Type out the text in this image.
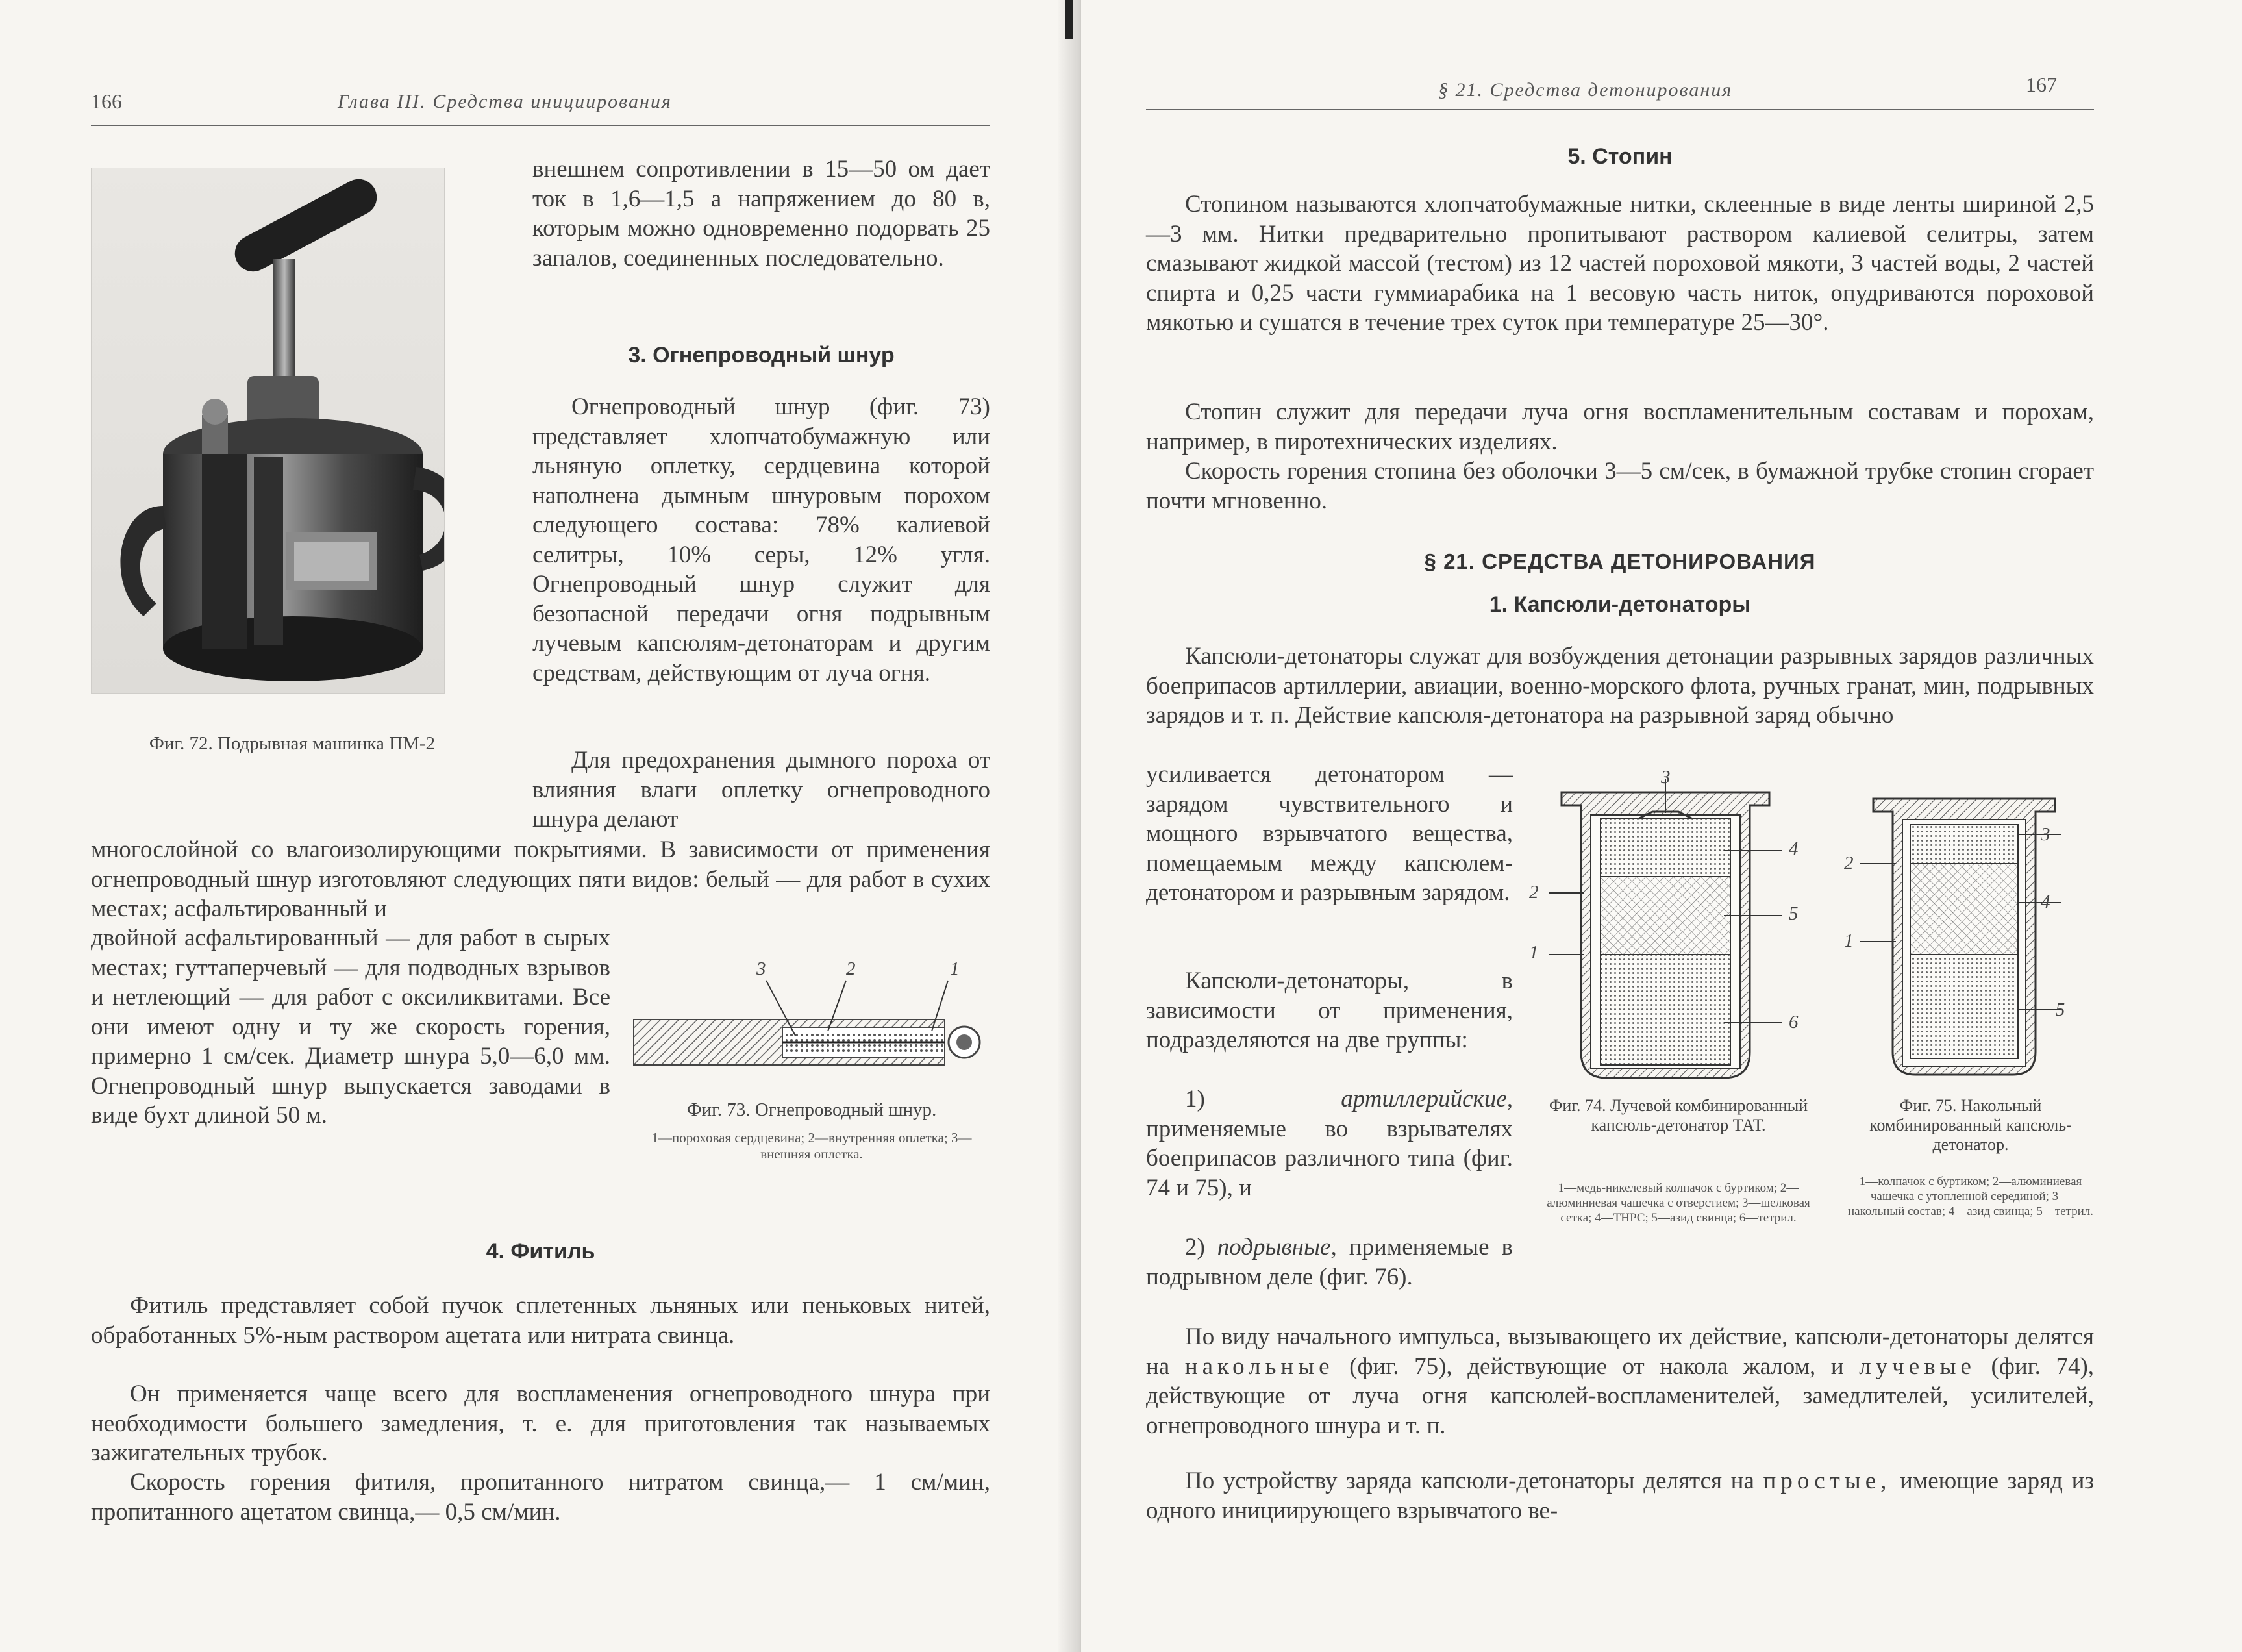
166	Глава III. Средства инициирования
Фиг. 72. Подрывная машинка ПМ-2
внешнем сопротивлении в 15—50 ом дает ток в 1,6—1,5 а напряжением до 80 в, которым можно одновременно подорвать 25 запалов, соединенных последовательно.
3. Огнепроводный шнур
Огнепроводный шнур (фиг. 73) представляет хлопчатобумажную или льняную оплетку, сердцевина которой наполнена дымным шнуровым порохом следующего состава: 78% калиевой селитры, 10% серы, 12% угля. Огнепроводный шнур служит для безопасной передачи огня подрывным лучевым капсюлям-детонаторам и другим средствам, действующим от луча огня.
Для предохранения дымного пороха от влияния влаги оплетку огнепроводного шнура делают
многослойной со влагоизолирующими покрытиями. В зависимости от применения огнепроводный шнур изготовляют следующих пяти видов: белый — для работ в сухих местах; асфальтированный и
двойной асфальтированный — для работ в сырых местах; гуттаперчевый — для подводных взрывов и нетлеющий — для работ с оксиликвитами. Все они имеют одну и ту же скорость горения, примерно 1 см/сек. Диаметр шнура 5,0—6,0 мм. Огнепроводный шнур выпускается заводами в виде бухт длиной 50 м.
3	2	1
Фиг. 73. Огнепроводный шнур.
1—пороховая сердцевина; 2—внутренняя оплетка; 3—внешняя оплетка.
4. Фитиль
Фитиль представляет собой пучок сплетенных льняных или пеньковых нитей, обработанных 5%-ным раствором ацетата или нитрата свинца.
Он применяется чаще всего для воспламенения огнепроводного шнура при необходимости большего замедления, т. е. для приготовления так называемых зажигательных трубок.
Скорость горения фитиля, пропитанного нитратом свинца,— 1 см/мин, пропитанного ацетатом свинца,— 0,5 см/мин.
§ 21. Средства детонирования	167
5. Стопин
Стопином называются хлопчатобумажные нитки, склеенные в виде ленты шириной 2,5—3 мм. Нитки предварительно пропитывают раствором калиевой селитры, затем смазывают жидкой массой (тестом) из 12 частей пороховой мякоти, 3 частей воды, 2 частей спирта и 0,25 части гуммиарабика на 1 весовую часть ниток, опудриваются пороховой мякотью и сушатся в течение трех суток при температуре 25—30°.
Стопин служит для передачи луча огня воспламенительным составам и порохам, например, в пиротехнических изделиях.
Скорость горения стопина без оболочки 3—5 см/сек, в бумажной трубке стопин сгорает почти мгновенно.
§ 21. СРЕДСТВА ДЕТОНИРОВАНИЯ
1. Капсюли-детонаторы
Капсюли-детонаторы служат для возбуждения детонации разрывных зарядов различных боеприпасов артиллерии, авиации, военно-морского флота, ручных гранат, мин, подрывных зарядов и т. п. Действие капсюля-детонатора на разрывной заряд обычно
усиливается детонатором — зарядом чувствительного и мощного взрывчатого вещества, помещаемым между капсюлем-детонатором и разрывным зарядом.
Капсюли-детонаторы, в зависимости от применения, подразделяются на две группы:
1)	артиллерийские, применяемые во взрывателях боеприпасов различного типа (фиг. 74 и 75), и
2) подрывные, применяемые в подрывном деле (фиг. 76).
3
4
2
5
1
6
3
2
4
1
5
Фиг. 74. Лучевой комбинированный капсюль-детонатор ТАТ.
1—медь-никелевый колпачок с буртиком; 2—алюминиевая чашечка с отверстием; 3—шелковая сетка; 4—ТНРС; 5—азид свинца; 6—тетрил.
Фиг. 75. Накольный комбинированный капсюль-детонатор.
1—колпачок с буртиком; 2—алюминиевая чашечка с утопленной серединой; 3—накольный состав; 4—азид свинца; 5—тетрил.
По виду начального импульса, вызывающего их действие, капсюли-детонаторы делятся на накольные (фиг. 75), действующие от накола жалом, и лучевые (фиг. 74), действующие от луча огня капсюлей-воспламенителей, замедлителей, усилителей, огнепроводного шнура и т. п.
По устройству заряда капсюли-детонаторы делятся на простые, имеющие заряд из одного инициирующего взрывчатого ве-
